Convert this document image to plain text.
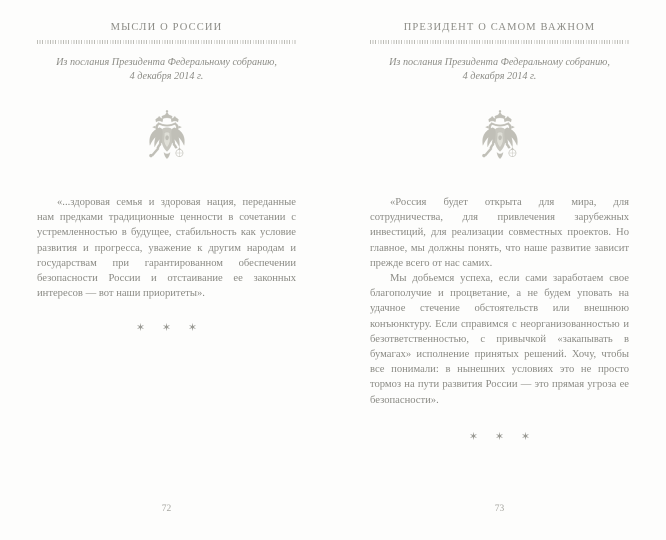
МЫСЛИ О РОССИИ
Из послания Президента Федеральному собранию,
4 декабря 2014 г.

«...здоровая семья и здоровая нация, переданные нам предками традиционные ценности в сочетании с устремленностью в будущее, стабильность как условие развития и прогресса, уважение к другим народам и государствам при гарантированном обеспечении безопасности России и отстаивание ее законных интересов — вот наши приоритеты».

✶ ✶ ✶
72
ПРЕЗИДЕНТ О САМОМ ВАЖНОМ
Из послания Президента Федеральному собранию,
4 декабря 2014 г.

«Россия будет открыта для мира, для сотрудничества, для привлечения зарубежных инвестиций, для реализации совместных проектов. Но главное, мы должны понять, что наше развитие зависит прежде всего от нас самих.

Мы добьемся успеха, если сами заработаем свое благополучие и процветание, а не будем уповать на удачное стечение обстоятельств или внешнюю конъюнктуру. Если справимся с неорганизованностью и безответственностью, с привычкой «закапывать в бумагах» исполнение принятых решений. Хочу, чтобы все понимали: в нынешних условиях это не просто тормоз на пути развития России — это прямая угроза ее безопасности».

✶ ✶ ✶
73
